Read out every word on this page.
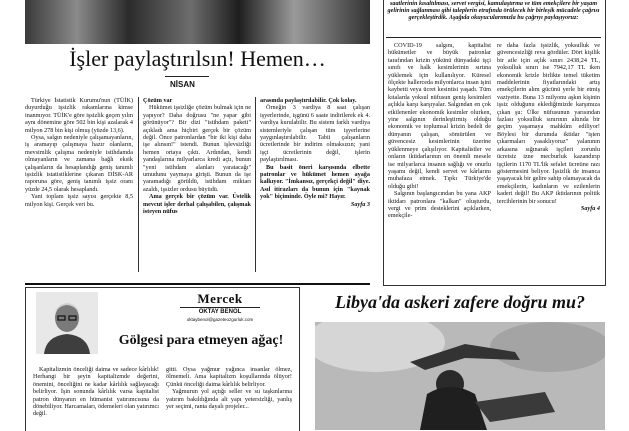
İşler paylaştırılsın! Hemen…
NİSAN

Türkiye İstatistik Kurumu'nun (TÜİK) duyurduğu işsizlik rakamlarına kimse inanmıyor. TÜİK'e göre işsizlik geçen yılın aynı dönemine göre 502 bin kişi azalarak 4 milyon 278 bin kişi olmuş (yüzde 13,6).

Oysa, salgın nedeniyle çalışamayanların, iş aramayıp çalışmaya hazır olanların, mevsimlik çalışma nedeniyle istihdamda olmayanların ve zamana bağlı eksik çalışanların da hesaplandığı geniş tanımlı işsizlik istatistiklerine çıkaran DİSK-AR raporuna göre, geniş tanımlı işsiz oranı yüzde 24,5 olarak hesaplandı.

Yani toplam işsiz sayısı gerçekte 8,5 milyon kişi. Gerçek veri bu.

Çözüm var

Hükümet işsizliğe çözüm bulmak için ne yapıyor? Daha doğrusu "ne yapar gibi görünüyor"? Bir dizi "istihdam paketi" açıkladı ama hiçbiri gerçek bir çözüm değil. Önce patronlardan "bir iki kişi daha işe alınsın!" istendi. Bunun işlevsizliği hemen ortaya çıktı. Ardından, kendi yandaşlarına milyarlarca kredi açtı, bunun "yeni istihdam alanları yaratacağı" umudunu yaymaya girişti. Bunun da işe yaramadığı görüldü, istihdam miktarı azaldı, işsizler ordusu büyüdü.

Ama gerçek bir çözüm var. Üstelik mevcut işler derhal çalışabilen, çalışmak isteyen nüfus

arasında paylaştırılabilir. Çok kolay.

Örneğin 3 vardiya 8 saat çalışan işyerlerinde, işgünü 6 saate indirilerek ek 4. vardiya kurulabilir. Bu sistem farklı vardiya sistemleriyle çalışan tüm işyerlerine yaygınlaştırılabilir. Tabii çalışanların ücretlerinde bir indirim olmaksızın; yani işçi ücretlerinin değil, işlerin paylaştırılması.

Bu basit öneri karşısında elbette patronlar ve hükümet hemen ayağa kalkıyor. "İmkansız, gerçekçi değil" diye. Asıl itirazları da bunun için "kaynak yok" biçiminde. Öyle mi? Hayır.

Sayfa 3

saatlerinin kısaltılması, servet vergisi, kamulaştırma ve tüm emekçilere bir yaşam gelirinin sağlanması gibi taleplerin etrafında örülecek bir birleşik mücadele çağrısı gerçekleştirdik. Aşağıda okuyucularımızla bu çağrıyı paylaşıyoruz:

COVID-19 salgını, kapitalist hükümetler ve büyük patronlar tarafından krizin yükünü dünyadaki işçi sınıfı ve halk kesimlerinin sırtına yüklemek için kullanılıyor. Küresel ölçekte hallerceda milyonlarca insan işini kaybetti veya ücret kesintisi yaşadı. Tüm kıtalarda yoksul nüfusun geniş kesimleri açlıkla karşı karşıyalar. Salgından en çok etkilenenler ekonomik kesimler olurken, yine salgının derinleştirmiş olduğu ekonomik ve toplumsal krizin bedeli de dünyanın çalışan, sömürülen ve güvencesiz kesimlerinin üzerine yüklenmeye çalışılıyor. Kapitalistler ve onların iktidarlarının en önemli mesele ise milyarlarca insanın sağlığı ve onurlu yaşamı değil, kendi servet ve kârlarını muhafaza etmek. Tıpkı Türkiye'de olduğu gibi!

Salgının başlangıcından bu yana AKP iktidarı patronlara "kalkan" oluşturdu, vergi ve prim desteklerini açıklarken, emekçile-

re daha fazla işsizlik, yoksulluk ve güvencesizliği reva gördüler. Dört kişilik bir aile için açlık sınırı 2438,24 TL, yoksulluk sınırı ise 7942,17 TL iken ekonomik krizle birlikte temel tüketim maddelerinin fiyatlarındaki artış emekçilerin alım gücünü yerle bir etmiş vaziyette. Buna 13 milyonu aşkın kişinin işsiz olduğunu eklediğimizde karşımıza çıkan şu: Ülke nüfusunun yarısından fazlası yoksulluk sınırının altında bir geçim yaşamaya mahkûm ediliyor! Böylesi bir durumda iktidar "işten çıkarmaları yasaklıyoruz" yalanının arkasına sığınarak işçileri zorunlu ücretsiz izne mecburluk kazandırıp işçilerin 1170 TL'lik sefalet ücretine razı göstermesini beliyor. İşsizlik de insanca yaşayacak bir gelire sahip olamayacak da emekçilerin, kadınların ve ezilenlerin kaderi değil! Bu AKP iktidarının politik tercihlerinin bir sonucu!

Sayfa 4

Mercek
OKTAY BENOL
oktaybenol@gazeteozgurluk.com
Gölgesi para etmeyen ağaç!

Kapitalizmin önceliği daima ve sadece kârlılık! Herhangi bir şeyin kapitalizmde değerini, önemini, önceliğini ne kadar kârlılık sağlayacağı belirliyor. İşin sonunda kârlılık varsa kapitalist patron dünyanın en hümanist yatırımcısına da dönebiliyor. Harcamaları, ödemeleri olan yatırımcı değil.

gitti. Oysa yağmur yağınca insanlar ölmez, ölmemeli. Ama kapitalizm koşullarında ölüyor! Çünkü önceliği daima kârlılık belirliyor.

Yağmurun yol açtığı seller ve su taşkınlarına yatırım bakıldığında alt yapı yetersizliği, yanlış yer seçimi, ranta dayalı projeler...

Libya'da askeri zafere doğru mu?
